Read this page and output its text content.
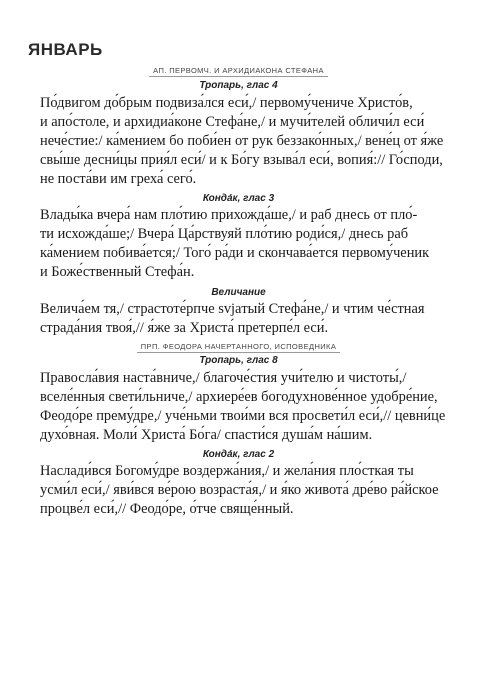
ЯНВАРЬ
АП. ПЕРВОМЧ. И АРХИДИАКОНА СТЕФАНА
Тропарь, глас 4
По́двигом до́брым подвиза́лся еси́,/ первому́чениче Христо́в,
и апо́столе, и архидиа́коне Стефа́не,/ и мучи́телей обличи́л еси́
нече́стие:/ ка́мением бо поби́ен от рук беззако́нных,/ вене́ц от я́же
свы́ше десни́цы прия́л еси́/ и к Бо́гу взыва́л еси́, вопия́:// Го́споди,
не поста́ви им греха́ сего́.
Конда́к, глас 3
Влады́ка вчера́ нам пло́тию прихожда́ше,/ и раб днесь от пло́-
ти исхожда́ше;/ Вчера́ Ца́рствуяй пло́тию роди́ся,/ днесь раб
ка́мением побива́ется;/ Того́ ра́ди и скончава́ется первому́ченик
и Боже́ственный Стефа́н.
Величание
Велича́ем тя,/ страстоте́рпче svjaтый Стефа́не,/ и чтим че́стная
страда́ния твоя́,// я́же за Христа́ претерпе́л еси́.
ПРП. ФЕОДОРА НАЧЕРТАННОГО, ИСПОВЕДНИКА
Тропарь, глас 8
Правосла́вия наста́вниче,/ благоче́стия учи́телю и чистоты́,/
вселе́нныя свети́льниче,/ архиере́ев богодухнове́нное удобре́ние,
Феодо́ре прему́дре,/ уче́ньми твои́ми вся просвети́л еси́,// цевни́це
духо́вная. Моли́ Христа́ Бо́га/ спасти́ся душа́м на́шим.
Конда́к, глас 2
Наслади́вся Богому́дре воздержа́ния,/ и жела́ния пло́сткая ты
усми́л еси́,/ яви́вся ве́рою возраста́я,/ и я́ко живота́ дре́во ра́йское
процве́л еси́,// Феодо́ре, о́тче свяще́нный.
